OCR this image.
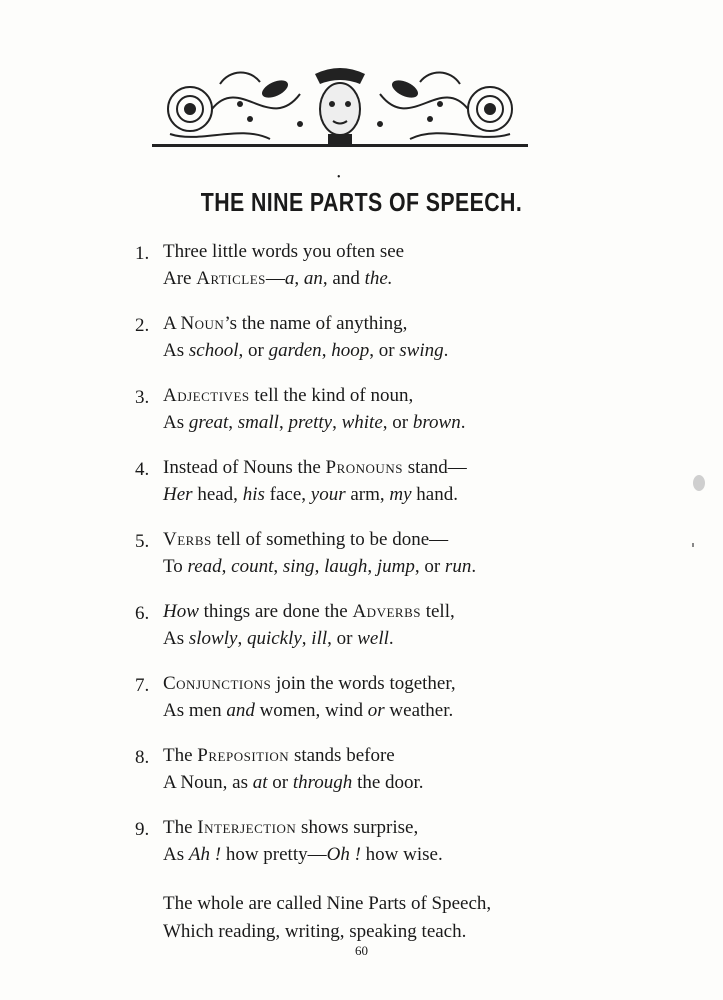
•
THE NINE PARTS OF SPEECH.
1. Three little words you often see
Are Articles—a, an, and the.
2. A Noun’s the name of anything,
As school, or garden, hoop, or swing.
3. Adjectives tell the kind of noun,
As great, small, pretty, white, or brown.
4. Instead of Nouns the Pronouns stand—
Her head, his face, your arm, my hand.
5. Verbs tell of something to be done—
To read, count, sing, laugh, jump, or run.
6. How things are done the Adverbs tell,
As slowly, quickly, ill, or well.
7. Conjunctions join the words together,
As men and women, wind or weather.
8. The Preposition stands before
A Noun, as at or through the door.
9. The Interjection shows surprise,
As Ah ! how pretty—Oh ! how wise.
The whole are called Nine Parts of Speech,
Which reading, writing, speaking teach.
60
